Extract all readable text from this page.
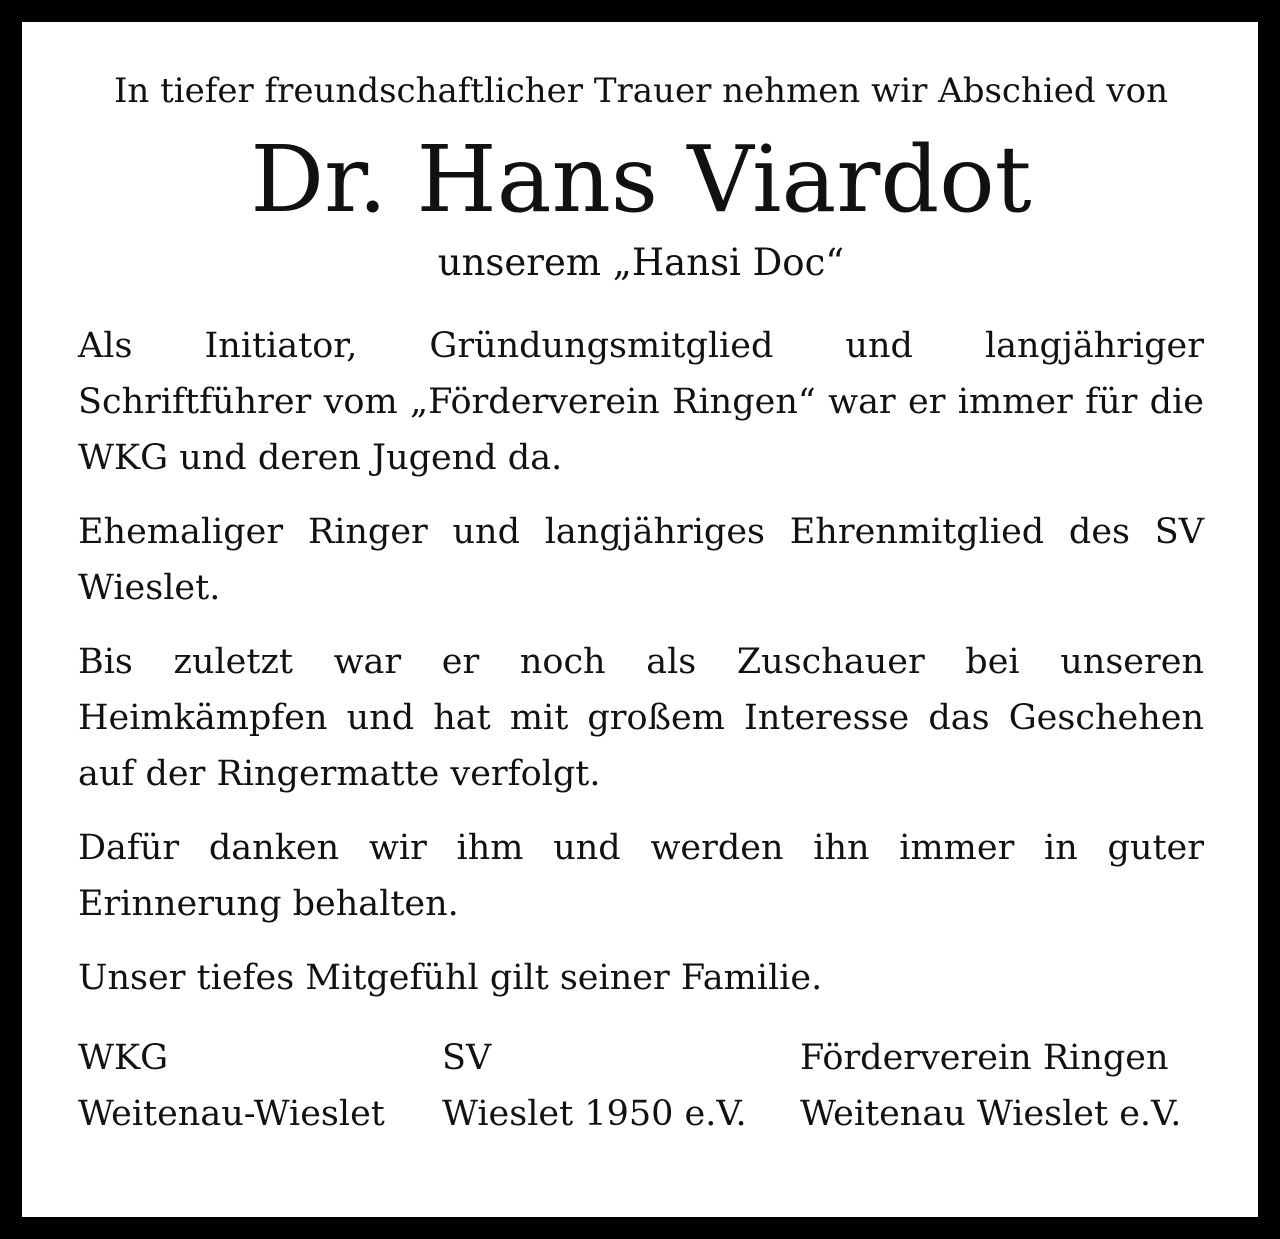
In tiefer freundschaftlicher Trauer nehmen wir Abschied von

Dr. Hans Viardot

unserem „Hansi Doc“

Als Initiator, Gründungsmitglied und langjähriger Schriftführer vom „Förderverein Ringen“ war er immer für die WKG und deren Jugend da.

Ehemaliger Ringer und langjähriges Ehrenmitglied des SV Wieslet.

Bis zuletzt war er noch als Zuschauer bei unseren Heimkämpfen und hat mit großem Interesse das Geschehen auf der Ringermatte verfolgt.

Dafür danken wir ihm und werden ihn immer in guter Erinnerung behalten.

Unser tiefes Mitgefühl gilt seiner Familie.

WKG
Weitenau-Wieslet
SV
Wieslet 1950 e.V.
Förderverein Ringen
Weitenau Wieslet e.V.
